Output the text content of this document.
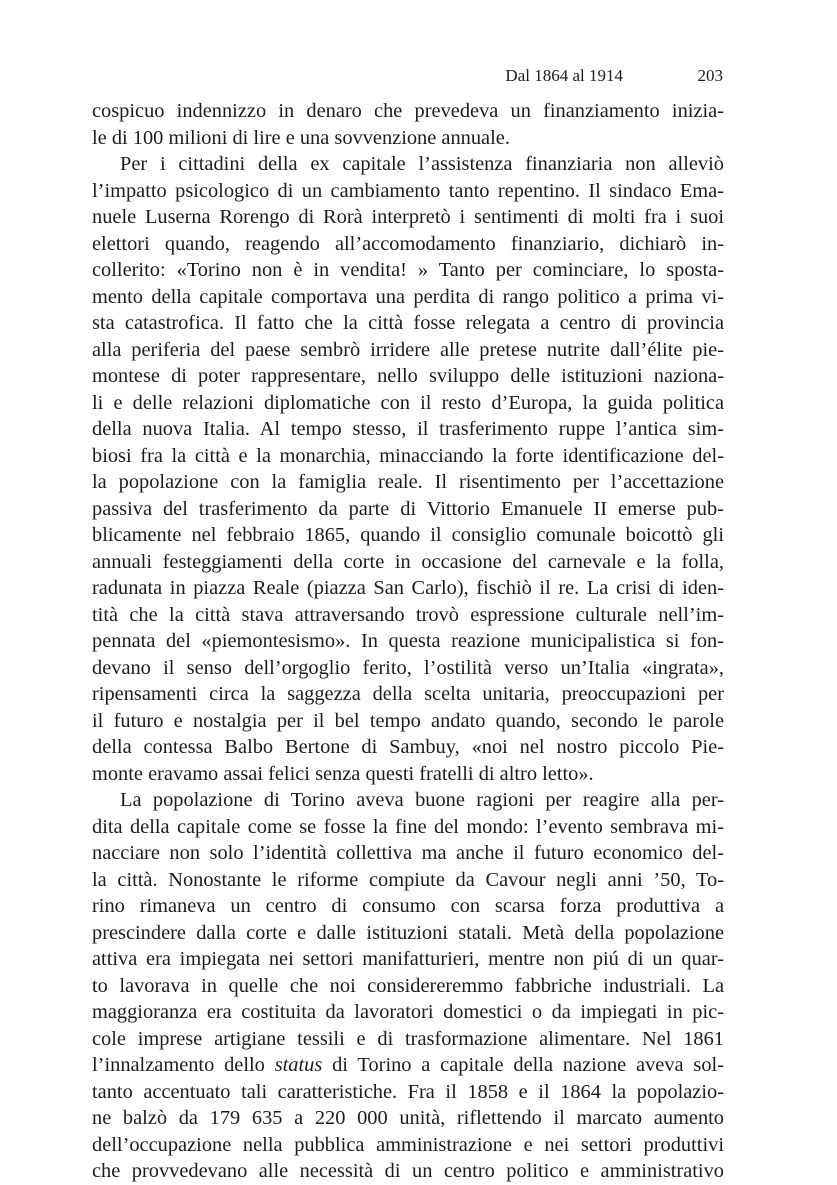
Dal 1864 al 1914	203
cospicuo indennizzo in denaro che prevedeva un finanziamento inizia-
le di 100 milioni di lire e una sovvenzione annuale.
Per i cittadini della ex capitale l’assistenza finanziaria non alleviò
l’impatto psicologico di un cambiamento tanto repentino. Il sindaco Ema-
nuele Luserna Rorengo di Rorà interpretò i sentimenti di molti fra i suoi
elettori quando, reagendo all’accomodamento finanziario, dichiarò in-
collerito: «Torino non è in vendita! » Tanto per cominciare, lo sposta-
mento della capitale comportava una perdita di rango politico a prima vi-
sta catastrofica. Il fatto che la città fosse relegata a centro di provincia
alla periferia del paese sembrò irridere alle pretese nutrite dall’élite pie-
montese di poter rappresentare, nello sviluppo delle istituzioni naziona-
li e delle relazioni diplomatiche con il resto d’Europa, la guida politica
della nuova Italia. Al tempo stesso, il trasferimento ruppe l’antica sim-
biosi fra la città e la monarchia, minacciando la forte identificazione del-
la popolazione con la famiglia reale. Il risentimento per l’accettazione
passiva del trasferimento da parte di Vittorio Emanuele II emerse pub-
blicamente nel febbraio 1865, quando il consiglio comunale boicottò gli
annuali festeggiamenti della corte in occasione del carnevale e la folla,
radunata in piazza Reale (piazza San Carlo), fischiò il re. La crisi di iden-
tità che la città stava attraversando trovò espressione culturale nell’im-
pennata del «piemontesismo». In questa reazione municipalistica si fon-
devano il senso dell’orgoglio ferito, l’ostilità verso un’Italia «ingrata»,
ripensamenti circa la saggezza della scelta unitaria, preoccupazioni per
il futuro e nostalgia per il bel tempo andato quando, secondo le parole
della contessa Balbo Bertone di Sambuy, «noi nel nostro piccolo Pie-
monte eravamo assai felici senza questi fratelli di altro letto».
La popolazione di Torino aveva buone ragioni per reagire alla per-
dita della capitale come se fosse la fine del mondo: l’evento sembrava mi-
nacciare non solo l’identità collettiva ma anche il futuro economico del-
la città. Nonostante le riforme compiute da Cavour negli anni ’50, To-
rino rimaneva un centro di consumo con scarsa forza produttiva a
prescindere dalla corte e dalle istituzioni statali. Metà della popolazione
attiva era impiegata nei settori manifatturieri, mentre non piú di un quar-
to lavorava in quelle che noi considereremmo fabbriche industriali. La
maggioranza era costituita da lavoratori domestici o da impiegati in pic-
cole imprese artigiane tessili e di trasformazione alimentare. Nel 1861
l’innalzamento dello status di Torino a capitale della nazione aveva sol-
tanto accentuato tali caratteristiche. Fra il 1858 e il 1864 la popolazio-
ne balzò da 179 635 a 220 000 unità, riflettendo il marcato aumento
dell’occupazione nella pubblica amministrazione e nei settori produttivi
che provvedevano alle necessità di un centro politico e amministrativo
